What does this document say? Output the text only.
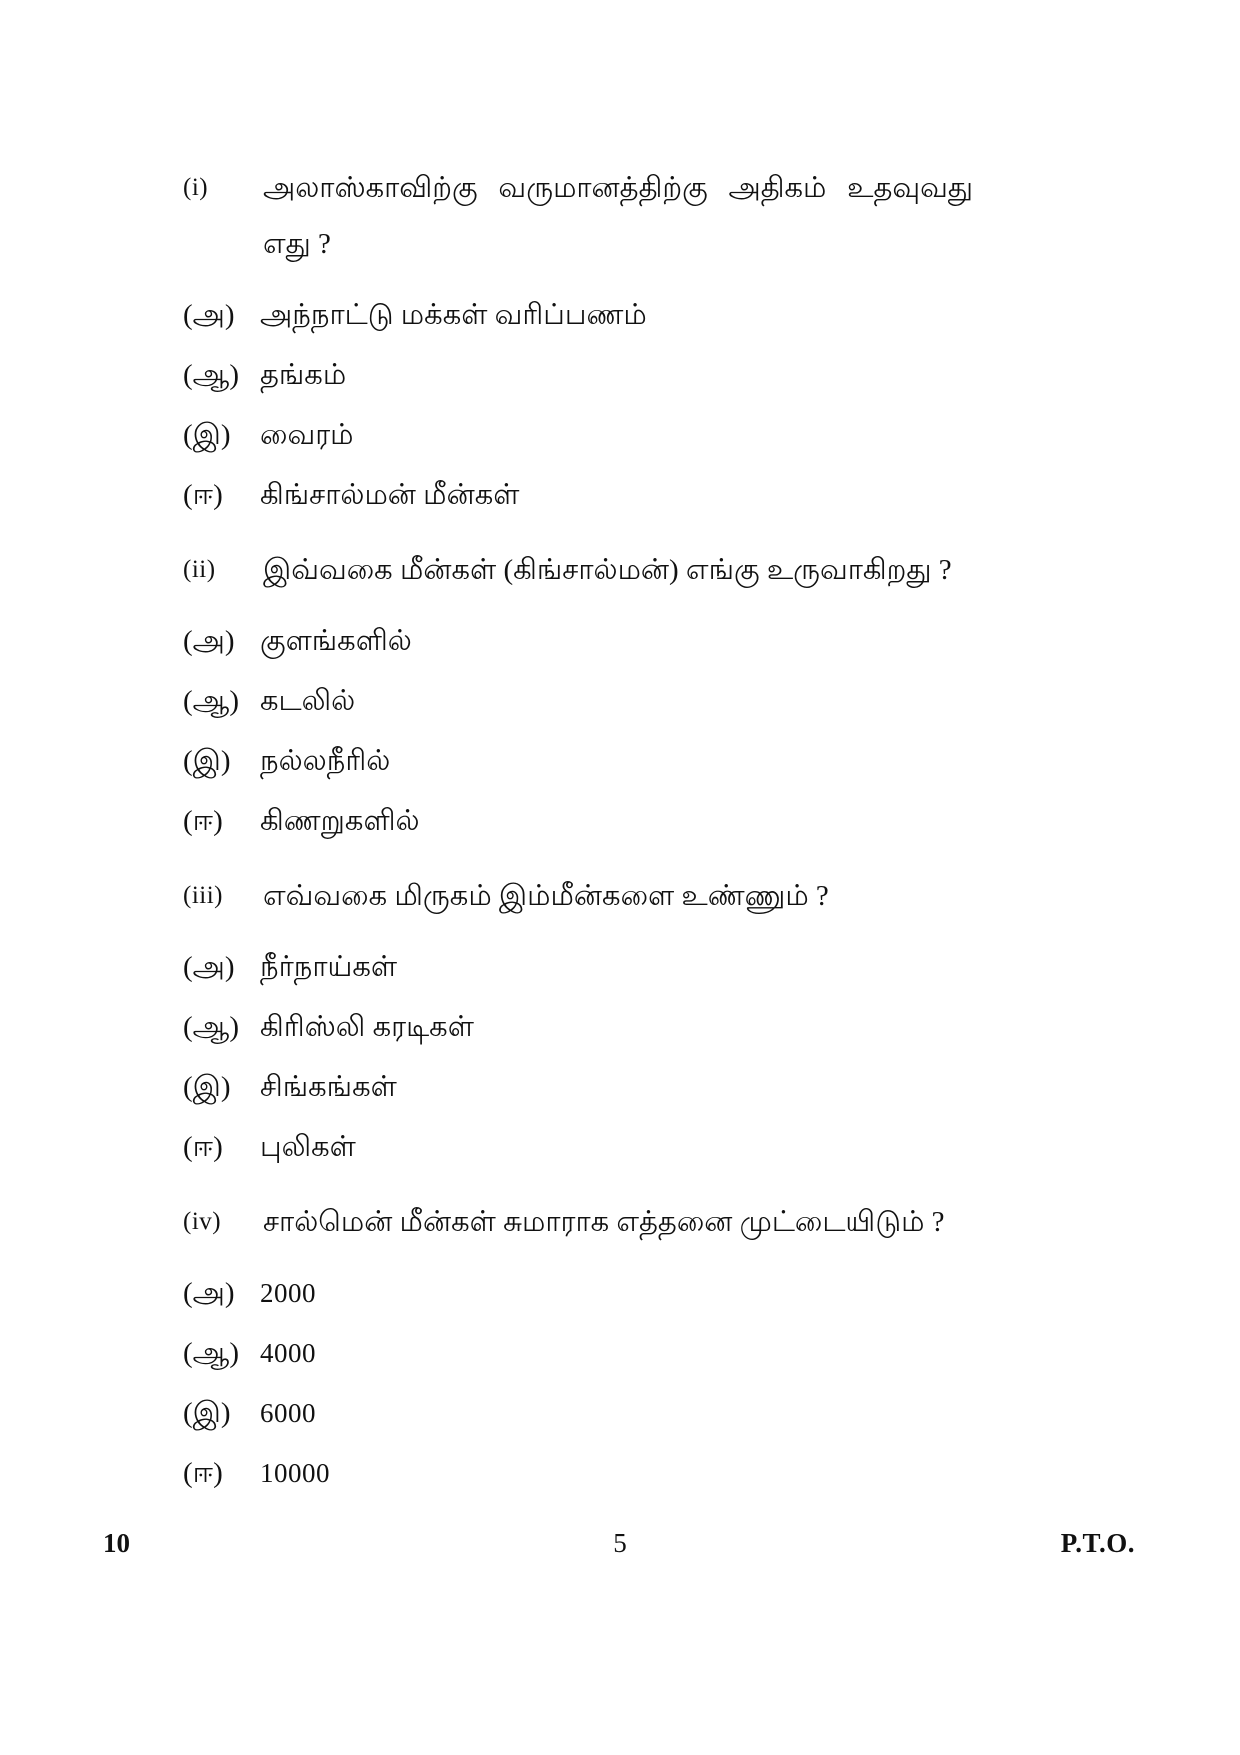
(i)	அலாஸ்காவிற்கு வருமானத்திற்கு அதிகம் உதவுவது எது ?
(அ) அந்நாட்டு மக்கள் வரிப்பணம்
(ஆ) தங்கம்
(இ)	வைரம்
(ஈ)	கிங்சால்மன் மீன்கள்
(ii)	இவ்வகை மீன்கள் (கிங்சால்மன்) எங்கு உருவாகிறது ?
(அ) குளங்களில்
(ஆ) கடலில்
(இ)	நல்லநீரில்
(ஈ)	கிணறுகளில்
(iii)	எவ்வகை மிருகம் இம்மீன்களை உண்ணும் ?
(அ) நீர்நாய்கள்
(ஆ) கிரிஸ்லி கரடிகள்
(இ)	சிங்கங்கள்
(ஈ)	புலிகள்
(iv)	சால்மென் மீன்கள் சுமாராக எத்தனை முட்டையிடும் ?
(அ) 2000
(ஆ) 4000
(இ)	6000
(ஈ)	10000
10	5	P.T.O.
